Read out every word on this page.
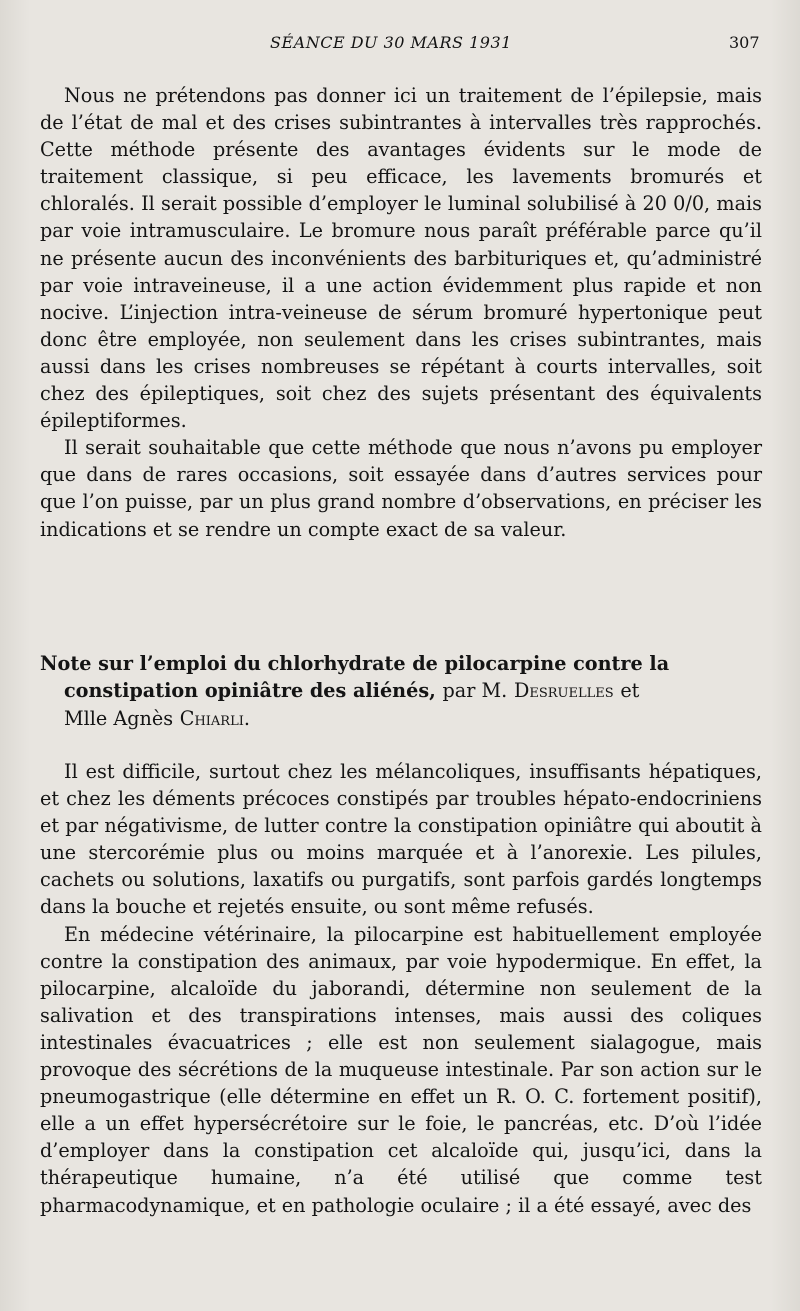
SÉANCE DU 30 MARS 1931	307

Nous ne prétendons pas donner ici un traitement de l’épilepsie, mais de l’état de mal et des crises subintrantes à intervalles très rapprochés. Cette méthode présente des avantages évidents sur le mode de traitement classique, si peu efficace, les lavements bromurés et chloralés. Il serait possible d’employer le luminal solubilisé à 20 0/0, mais par voie intramusculaire. Le bromure nous paraît préférable parce qu’il ne présente aucun des inconvénients des barbituriques et, qu’administré par voie intraveineuse, il a une action évidemment plus rapide et non nocive. L’injection intra-veineuse de sérum bromuré hypertonique peut donc être employée, non seulement dans les crises subintrantes, mais aussi dans les crises nombreuses se répétant à courts intervalles, soit chez des épileptiques, soit chez des sujets présentant des équivalents épileptiformes.

Il serait souhaitable que cette méthode que nous n’avons pu employer que dans de rares occasions, soit essayée dans d’autres services pour que l’on puisse, par un plus grand nombre d’observations, en préciser les indications et se rendre un compte exact de sa valeur.

Note sur l’emploi du chlorhydrate de pilocarpine contre la
constipation opiniâtre des aliénés, par M. Desruelles et
Mlle Agnès Chiarli.

Il est difficile, surtout chez les mélancoliques, insuffisants hépatiques, et chez les déments précoces constipés par troubles hépato-endocriniens et par négativisme, de lutter contre la constipation opiniâtre qui aboutit à une stercorémie plus ou moins marquée et à l’anorexie. Les pilules, cachets ou solutions, laxatifs ou purgatifs, sont parfois gardés longtemps dans la bouche et rejetés ensuite, ou sont même refusés.

En médecine vétérinaire, la pilocarpine est habituellement employée contre la constipation des animaux, par voie hypodermique. En effet, la pilocarpine, alcaloïde du jaborandi, détermine non seulement de la salivation et des transpirations intenses, mais aussi des coliques intestinales évacuatrices ; elle est non seulement sialagogue, mais provoque des sécrétions de la muqueuse intestinale. Par son action sur le pneumogastrique (elle détermine en effet un R. O. C. fortement positif), elle a un effet hypersécrétoire sur le foie, le pancréas, etc. D’où l’idée d’employer dans la constipation cet alcaloïde qui, jusqu’ici, dans la thérapeutique humaine, n’a été utilisé que comme test pharmacodynamique, et en pathologie oculaire ; il a été essayé, avec des
